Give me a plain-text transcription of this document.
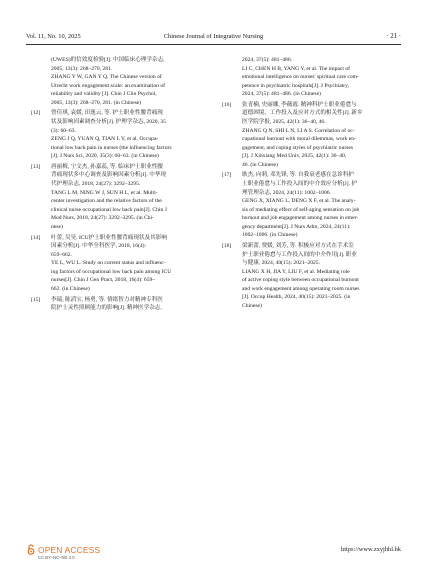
Vol. 11, No. 10, 2025	Chinese Journal of Integrative Nursing	· 21 ·
(UWES)的信效度检验[J]. 中国临床心理学杂志,
2005, 13(3): 268–270, 281.
ZHANG Y W, GAN Y Q. The Chinese version of
Utrecht work engagement scale: an examination of
reliability and validity [J]. Chin J Clin Psychol,
2005, 13(3): 268–270, 281. (in Chinese)
[12] 曾佳琪, 袁媛, 田逸云, 等. 护士职业性腰背痛现
状及影响因素调查分析[J]. 护理学杂志, 2020, 35
(3): 60–63.
ZENG J Q, YUAN Q, TIAN L Y, et al. Occupa-
tional low back pain in nurses (the influencing factors
[J]. J Nurs Sci, 2020, 35(3): 60–63. (in Chinese)
[13] 唐丽梅, 宁文杰, 孙嘉蕊, 等. 临床护士职业性腰
背痛现状多中心调查及影响因素分析[J]. 中华现
代护理杂志, 2018, 24(27): 3292–3295.
TANG L M, NING W J, SUN H L, et al. Multi-
center investigation and the relative factors of the
clinical nurse occupational low back pain[J]. Chin J
Mod Nurs, 2018, 24(27): 3292–3295. (in Chi-
nese)
[14] 叶蕾, 吴昊. ICU护士职业性腰背痛现状及其影响
因素分析[J]. 中华全科医学, 2018, 16(4):
659–662.
YE L, WU L. Study on current status and influenc-
ing factors of occupational low back pain among ICU
nurses[J]. Chin J Gen Pract, 2018, 16(4): 659–
662. (in Chinese)
[15] 李瑞, 陈滔宝, 杨勇, 等. 情绪智力对精神专科医
院护士灵性照顾能力的影响[J]. 精神医学杂志,
2024, 37(5): 481–486.
LI C, CHEN H B, YANG Y, et al. The impact of
emotional intelligence on nurses' spiritual care com-
petence in psychiatric hospitals[J]. J Psychiatry,
2024, 37(5): 481–486. (in Chinese)
[16] 张青楠, 史丽娜, 李薇霞. 精神科护士职业倦怠与
道德困境、工作投入及应对方式的相关性[J]. 新乡
医学院学报, 2025, 42(1): 36–40, 46.
ZHANG Q N, SHI L N, LI A S. Correlation of oc-
cupational burnout with moral dilemmas, work en-
gagement, and coping styles of psychiatric nurses
[J]. J Xinxiang Med Univ, 2025, 42(1): 36–40,
46. (in Chinese)
[17] 耿杰, 向莉, 邓先锋, 等. 自我衰老感在急诊科护
士职业倦怠与工作投入间的中介效应分析[J]. 护
理管理杂志, 2024, 24(11): 1002–1006.
GENG X, XIANG L, DENG X F, et al. The analy-
sis of mediating effect of self-aging sensation on job
burnout and job engagement among nurses in emer-
gency department[J]. J Nurs Adm, 2024, 24(11):
1002–1006. (in Chinese)
[18] 梁新蕾, 贾媛, 刘芳, 等. 积极应对方式在手术室
护士职业倦怠与工作投入间的中介作用[J]. 职业
与健康, 2024, 40(15): 2021–2025.
LIANG X H, JIA Y, LIU F, et al. Mediating role
of active coping style between occupational burnout
and work engagement among operating room nurses
[J]. Occup Health, 2024, 40(15): 2021–2025. (in
Chinese)
OPEN ACCESS
CC BY–NC–ND 4.0
https://www.zxyjhhl.hk
